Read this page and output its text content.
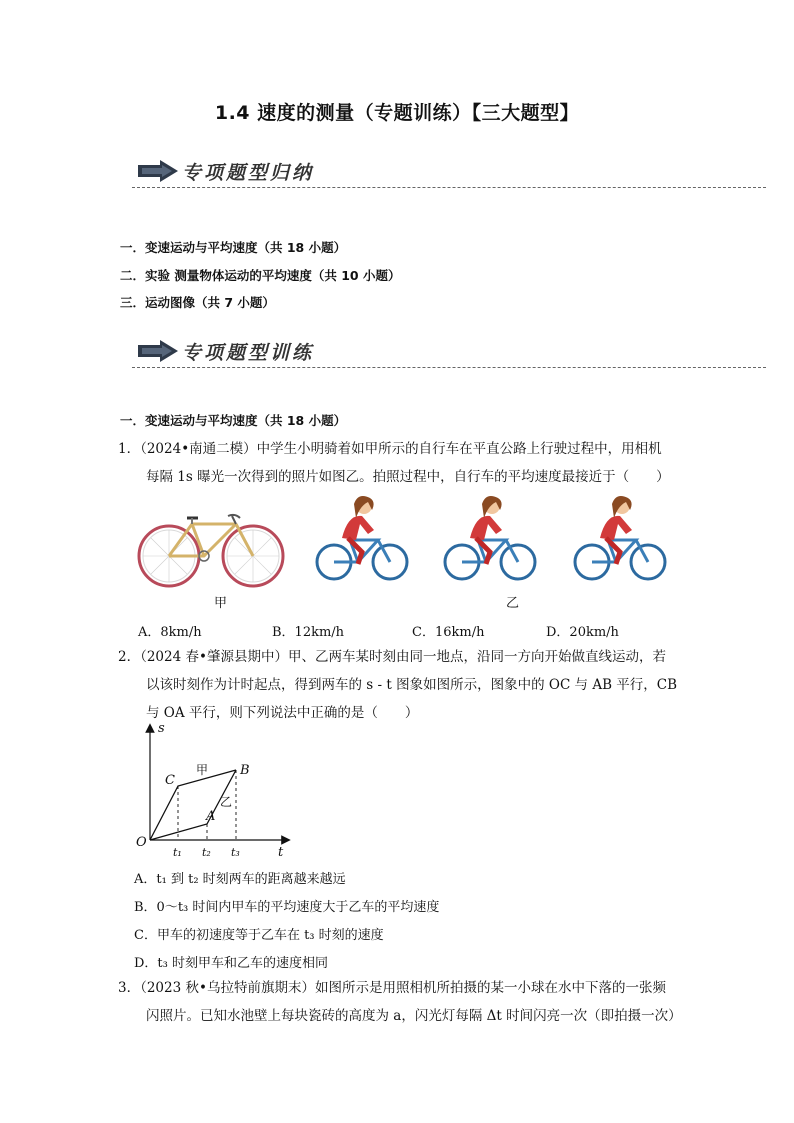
1.4 速度的测量（专题训练）【三大题型】
专项题型归纳
一．变速运动与平均速度（共 18 小题）
二．实验 测量物体运动的平均速度（共 10 小题）
三．运动图像（共 7 小题）
专项题型训练
一．变速运动与平均速度（共 18 小题）
1．（2024•南通二模）中学生小明骑着如甲所示的自行车在平直公路上行驶过程中，用相机
每隔 1s 曝光一次得到的照片如图乙。拍照过程中，自行车的平均速度最接近于（　　）
甲	乙
A．8km/h	B．12km/h	C．16km/h	D．20km/h
2．（2024 春•肇源县期中）甲、乙两车某时刻由同一地点，沿同一方向开始做直线运动，若
以该时刻作为计时起点，得到两车的 s - t 图象如图所示，图象中的 OC 与 AB 平行，CB
与 OA 平行，则下列说法中正确的是（　　）
s
t
O
C
B
A
甲
乙
t₁ t₂ t₃
A．t₁ 到 t₂ 时刻两车的距离越来越远
B．0～t₃ 时间内甲车的平均速度大于乙车的平均速度
C．甲车的初速度等于乙车在 t₃ 时刻的速度
D．t₃ 时刻甲车和乙车的速度相同
3．（2023 秋•乌拉特前旗期末）如图所示是用照相机所拍摄的某一小球在水中下落的一张频
闪照片。已知水池壁上每块瓷砖的高度为 a，闪光灯每隔 Δt 时间闪亮一次（即拍摄一次）
